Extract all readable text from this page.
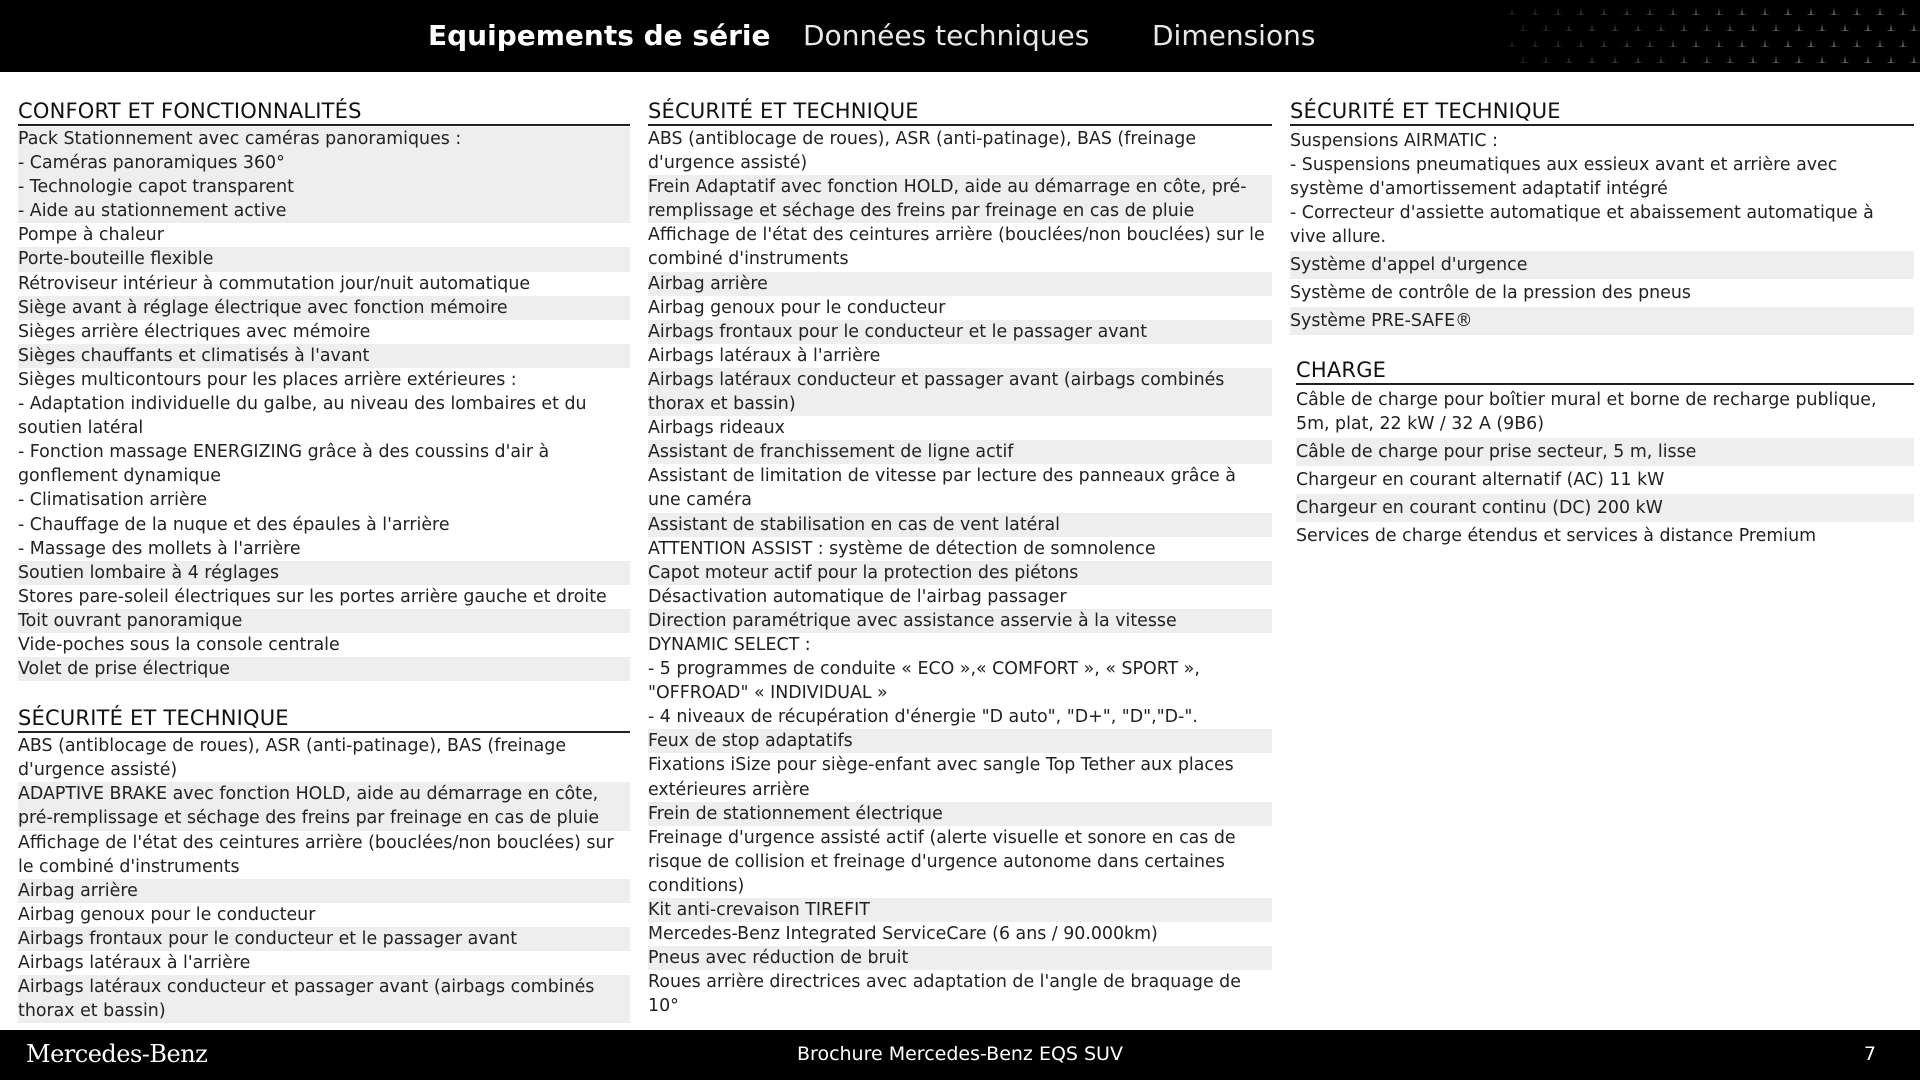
Equipements de série Données techniques Dimensions
CONFORT ET FONCTIONNALITÉS
Pack Stationnement avec caméras panoramiques :
- Caméras panoramiques 360°
- Technologie capot transparent
- Aide au stationnement active
Pompe à chaleur
Porte-bouteille flexible
Rétroviseur intérieur à commutation jour/nuit automatique
Siège avant à réglage électrique avec fonction mémoire
Sièges arrière électriques avec mémoire
Sièges chauffants et climatisés à l'avant
Sièges multicontours pour les places arrière extérieures :
- Adaptation individuelle du galbe, au niveau des lombaires et du soutien latéral
- Fonction massage ENERGIZING grâce à des coussins d'air à gonflement dynamique
- Climatisation arrière
- Chauffage de la nuque et des épaules à l'arrière
- Massage des mollets à l'arrière
Soutien lombaire à 4 réglages
Stores pare-soleil électriques sur les portes arrière gauche et droite
Toit ouvrant panoramique
Vide-poches sous la console centrale
Volet de prise électrique
SÉCURITÉ ET TECHNIQUE
ABS (antiblocage de roues), ASR (anti-patinage), BAS (freinage d'urgence assisté)
ADAPTIVE BRAKE avec fonction HOLD, aide au démarrage en côte, pré-remplissage et séchage des freins par freinage en cas de pluie
Affichage de l'état des ceintures arrière (bouclées/non bouclées) sur le combiné d'instruments
Airbag arrière
Airbag genoux pour le conducteur
Airbags frontaux pour le conducteur et le passager avant
Airbags latéraux à l'arrière
Airbags latéraux conducteur et passager avant (airbags combinés thorax et bassin)
SÉCURITÉ ET TECHNIQUE
ABS (antiblocage de roues), ASR (anti-patinage), BAS (freinage d'urgence assisté)
Frein Adaptatif avec fonction HOLD, aide au démarrage en côte, pré-remplissage et séchage des freins par freinage en cas de pluie
Affichage de l'état des ceintures arrière (bouclées/non bouclées) sur le combiné d'instruments
Airbag arrière
Airbag genoux pour le conducteur
Airbags frontaux pour le conducteur et le passager avant
Airbags latéraux à l'arrière
Airbags latéraux conducteur et passager avant (airbags combinés thorax et bassin)
Airbags rideaux
Assistant de franchissement de ligne actif
Assistant de limitation de vitesse par lecture des panneaux grâce à une caméra
Assistant de stabilisation en cas de vent latéral
ATTENTION ASSIST : système de détection de somnolence
Capot moteur actif pour la protection des piétons
Désactivation automatique de l'airbag passager
Direction paramétrique avec assistance asservie à la vitesse
DYNAMIC SELECT :
- 5 programmes de conduite « ECO »,« COMFORT », « SPORT », "OFFROAD" « INDIVIDUAL »
- 4 niveaux de récupération d'énergie "D auto", "D+", "D","D-".
Feux de stop adaptatifs
Fixations iSize pour siège-enfant avec sangle Top Tether aux places extérieures arrière
Frein de stationnement électrique
Freinage d'urgence assisté actif (alerte visuelle et sonore en cas de risque de collision et freinage d'urgence autonome dans certaines conditions)
Kit anti-crevaison TIREFIT
Mercedes-Benz Integrated ServiceCare (6 ans / 90.000km)
Pneus avec réduction de bruit
Roues arrière directrices avec adaptation de l'angle de braquage de 10°
SÉCURITÉ ET TECHNIQUE
Suspensions AIRMATIC :
- Suspensions pneumatiques aux essieux avant et arrière avec système d'amortissement adaptatif intégré
- Correcteur d'assiette automatique et abaissement automatique à vive allure.
Système d'appel d'urgence
Système de contrôle de la pression des pneus
Système PRE-SAFE®
CHARGE
Câble de charge pour boîtier mural et borne de recharge publique, 5m, plat, 22 kW / 32 A (9B6)
Câble de charge pour prise secteur, 5 m, lisse
Chargeur en courant alternatif (AC) 11 kW
Chargeur en courant continu (DC) 200 kW
Services de charge étendus et services à distance Premium
Mercedes-Benz	Brochure Mercedes-Benz EQS SUV	7
